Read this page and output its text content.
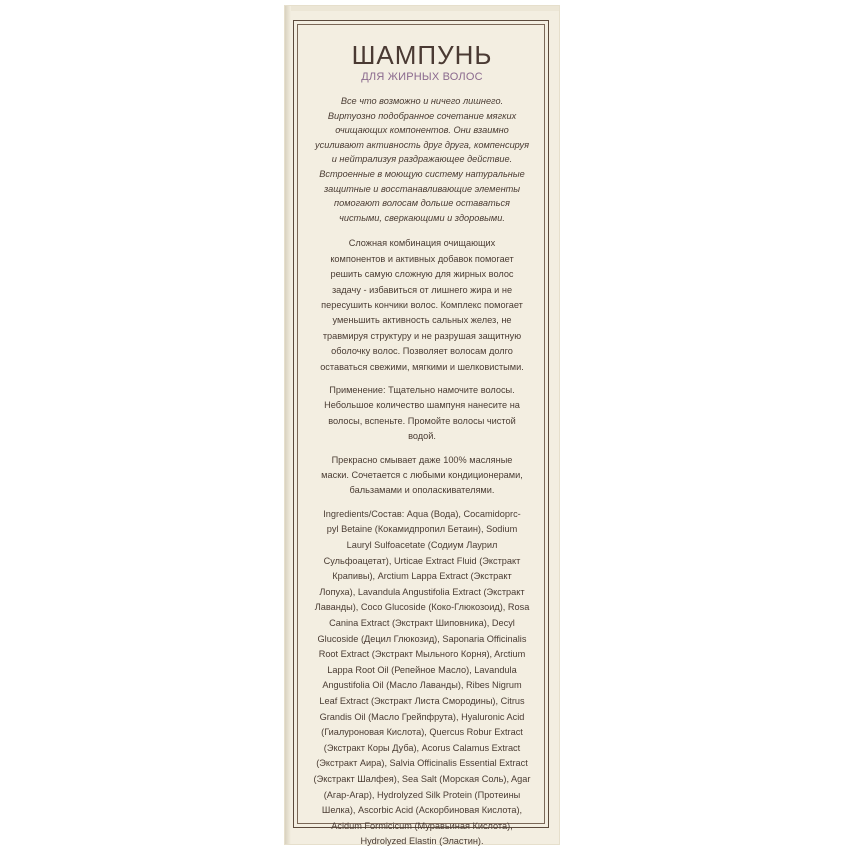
ШАМПУНЬ
ДЛЯ ЖИРНЫХ ВОЛОС
Все что возможно и ничего лишнего.
Виртуозно подобранное сочетание мягких
очищающих компонентов. Они взаимно
усиливают активность друг друга, компенсируя
и нейтрализуя раздражающее действие.
Встроенные в моющую систему натуральные
защитные и восстанавливающие элементы
помогают волосам дольше оставаться
чистыми, сверкающими и здоровыми.
Сложная комбинация очищающих
компонентов и активных добавок помогает
решить самую сложную для жирных волос
задачу - избавиться от лишнего жира и не
пересушить кончики волос. Комплекс помогает
уменьшить активность сальных желез, не
травмируя структуру и не разрушая защитную
оболочку волос. Позволяет волосам долго
оставаться свежими, мягкими и шелковистыми.
Применение: Тщательно намочите волосы.
Небольшое количество шампуня нанесите на
волосы, вспеньте. Промойте волосы чистой
водой.
Прекрасно смывает даже 100% масляные
маски. Сочетается с любыми кондиционерами,
бальзамами и ополаскивателями.
Ingredients/Состав: Aqua (Вода), Cocamidoprc-
pyl Betaine (Кокамидпропил Бетаин), Sodium
Lauryl Sulfoacetate (Содиум Лаурил
Сульфоацетат), Urticae Extract Fluid (Экстракт
Крапивы), Arctium Lappa Extract (Экстракт
Лопуха), Lavandula Angustifolia Extract (Экстракт
Лаванды), Coco Glucoside (Коко-Глюкозоид), Rosa
Canina Extract (Экстракт Шиповника), Decyl
Glucoside (Децил Глюкозид), Saponaria Officinalis
Root Extract (Экстракт Мыльного Корня), Arctium
Lappa Root Oil (Репейное Масло), Lavandula
Angustifolia Oil (Масло Лаванды), Ribes Nigrum
Leaf Extract (Экстракт Листа Смородины), Citrus
Grandis Oil (Масло Грейпфрута), Hyaluronic Acid
(Гиалуроновая Кислота), Quercus Robur Extract
(Экстракт Коры Дуба), Acorus Calamus Extract
(Экстракт Аира), Salvia Officinalis Essential Extract
(Экстракт Шалфея), Sea Salt (Морская Соль), Agar
(Агар-Агар), Hydrolyzed Silk Protein (Протеины
Шелка), Ascorbic Acid (Аскорбиновая Кислота),
Acidum Formicicum (Муравьиная Кислота),
Hydrolyzed Elastin (Эластин).
